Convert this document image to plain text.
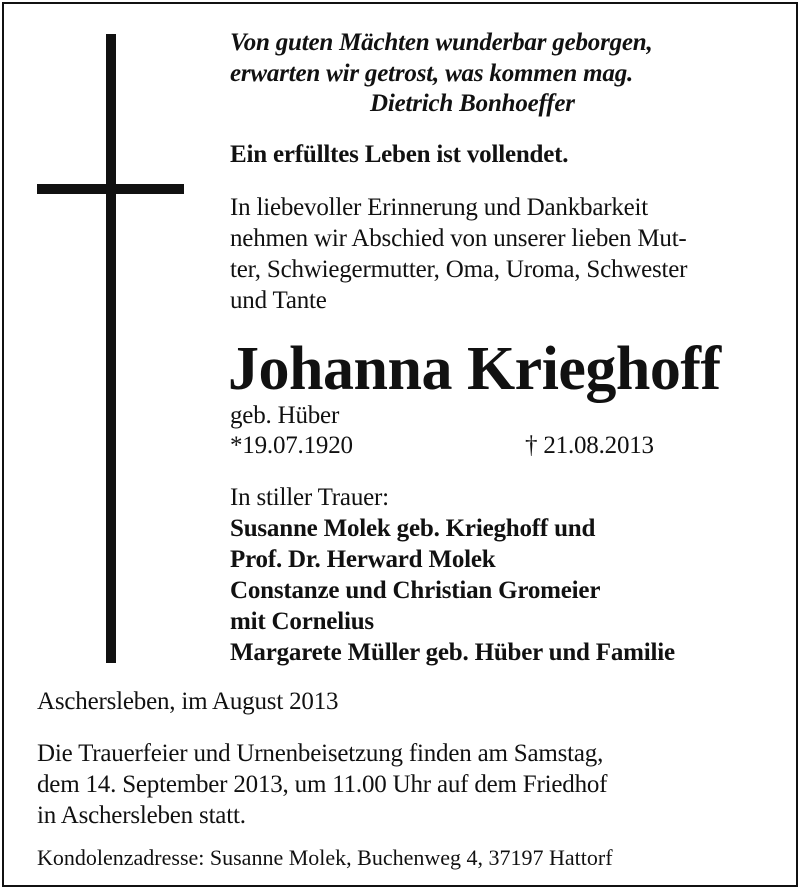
Von guten Mächten wunderbar geborgen,
erwarten wir getrost, was kommen mag.
Dietrich Bonhoeffer
Ein erfülltes Leben ist vollendet.
In liebevoller Erinnerung und Dankbarkeit
nehmen wir Abschied von unserer lieben Mut-
ter, Schwiegermutter, Oma, Uroma, Schwester
und Tante
Johanna Krieghoff
geb. Hüber
*19.07.1920	† 21.08.2013
In stiller Trauer:
Susanne Molek geb. Krieghoff und
Prof. Dr. Herward Molek
Constanze und Christian Gromeier
mit Cornelius
Margarete Müller geb. Hüber und Familie
Aschersleben, im August 2013
Die Trauerfeier und Urnenbeisetzung finden am Samstag,
dem 14. September 2013, um 11.00 Uhr auf dem Friedhof
in Aschersleben statt.
Kondolenzadresse: Susanne Molek, Buchenweg 4, 37197 Hattorf
